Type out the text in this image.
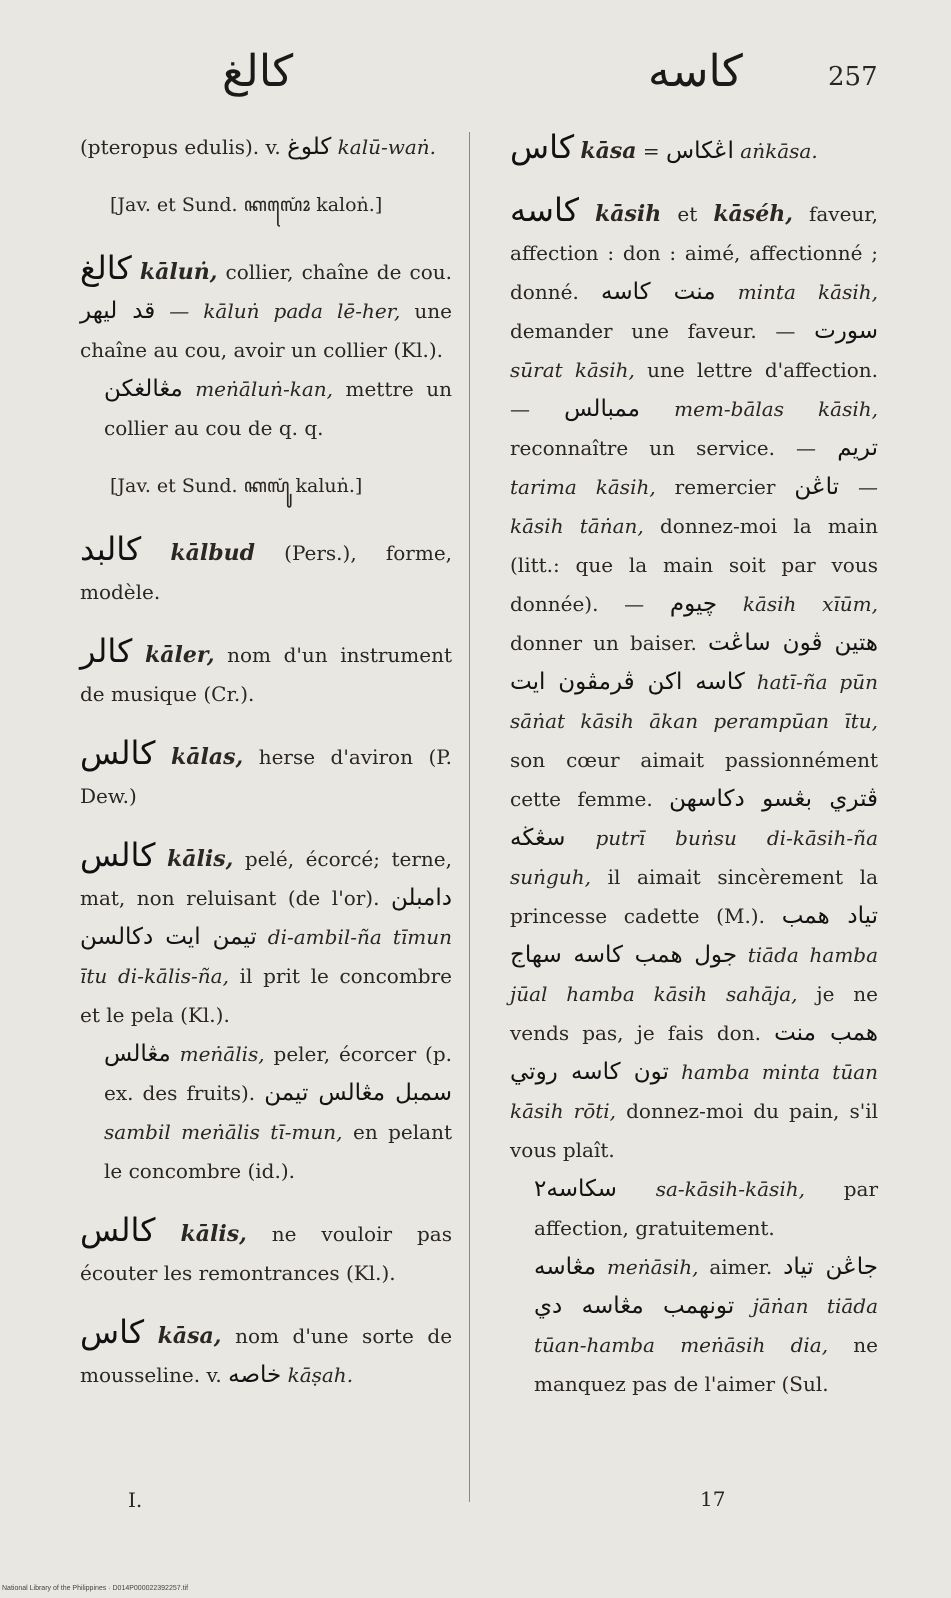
كالغ	كاسه	257
(pteropus edulis). v. كلوغ kalū-waṅ.
[Jav. et Sund. ꦏꦭꦺꦴꦁ kaloṅ.]
كالغ kāluṅ, collier, chaîne de cou. قد ليهر — kāluṅ pada lē-her, une chaîne au cou, avoir un collier (Kl.).

مڠالغكن meṅāluṅ-kan, mettre un collier au cou de q. q.

[Jav. et Sund. ꦏꦭꦸꦁ kaluṅ.]
كالبد kālbud (Pers.), forme, modèle.
كالر kāler, nom d'un instrument de musique (Cr.).
كالس kālas, herse d'aviron (P. Dew.)
كالس kālis, pelé, écorcé; terne, mat, non reluisant (de l'or). دامبلن تيمن ايت دكالسن di-ambil-ña tīmun ītu di-kālis-ña, il prit le concombre et le pela (Kl.).

مڠالس meṅālis, peler, écorcer (p. ex. des fruits). سمبل مڠالس تيمن sambil meṅālis tī-mun, en pelant le concombre (id.).

كالس kālis, ne vouloir pas écouter les remontrances (Kl.).
كاس kāsa, nom d'une sorte de mousseline. v. خاصه kāṣah.
كاس kāsa = اڠكاس aṅkāsa.
كاسه kāsih et kāséh, faveur, affection : don : aimé, affectionné ; donné. منت كاسه minta kāsih, demander une faveur. — سورت sūrat kāsih, une lettre d'affection. — ممبالس mem-bālas kāsih, reconnaître un service. — تريم tarima kāsih, remercier تاڠن — kāsih tāṅan, donnez-moi la main (litt.: que la main soit par vous donnée). — چيوم kāsih xīūm, donner un baiser. هتين ڤون ساڠت كاسه اكن ڤرمڤون ايت hatī-ña pūn sāṅat kāsih ākan perampūan ītu, son cœur aimait passionnément cette femme. ڤتري بڠسو دكاسهن سڠڬه putrī buṅsu di-kāsih-ña suṅguh, il aimait sincèrement la princesse cadette (M.). تياد همب جول همب كاسه سهاج tiāda hamba jūal hamba kāsih sahāja, je ne vends pas, je fais don. همب منت تون كاسه روتي hamba minta tūan kāsih rōti, donnez-moi du pain, s'il vous plaît.

سكاسه٢ sa-kāsih-kāsih, par affection, gratuitement.

مڠاسه meṅāsih, aimer. جاڠن تياد تونهمب مڠاسه دي jāṅan tiāda tūan-hamba meṅāsih dia, ne manquez pas de l'aimer (Sul.

I.	17
National Library of the Philippines · D014P000022392257.tif
